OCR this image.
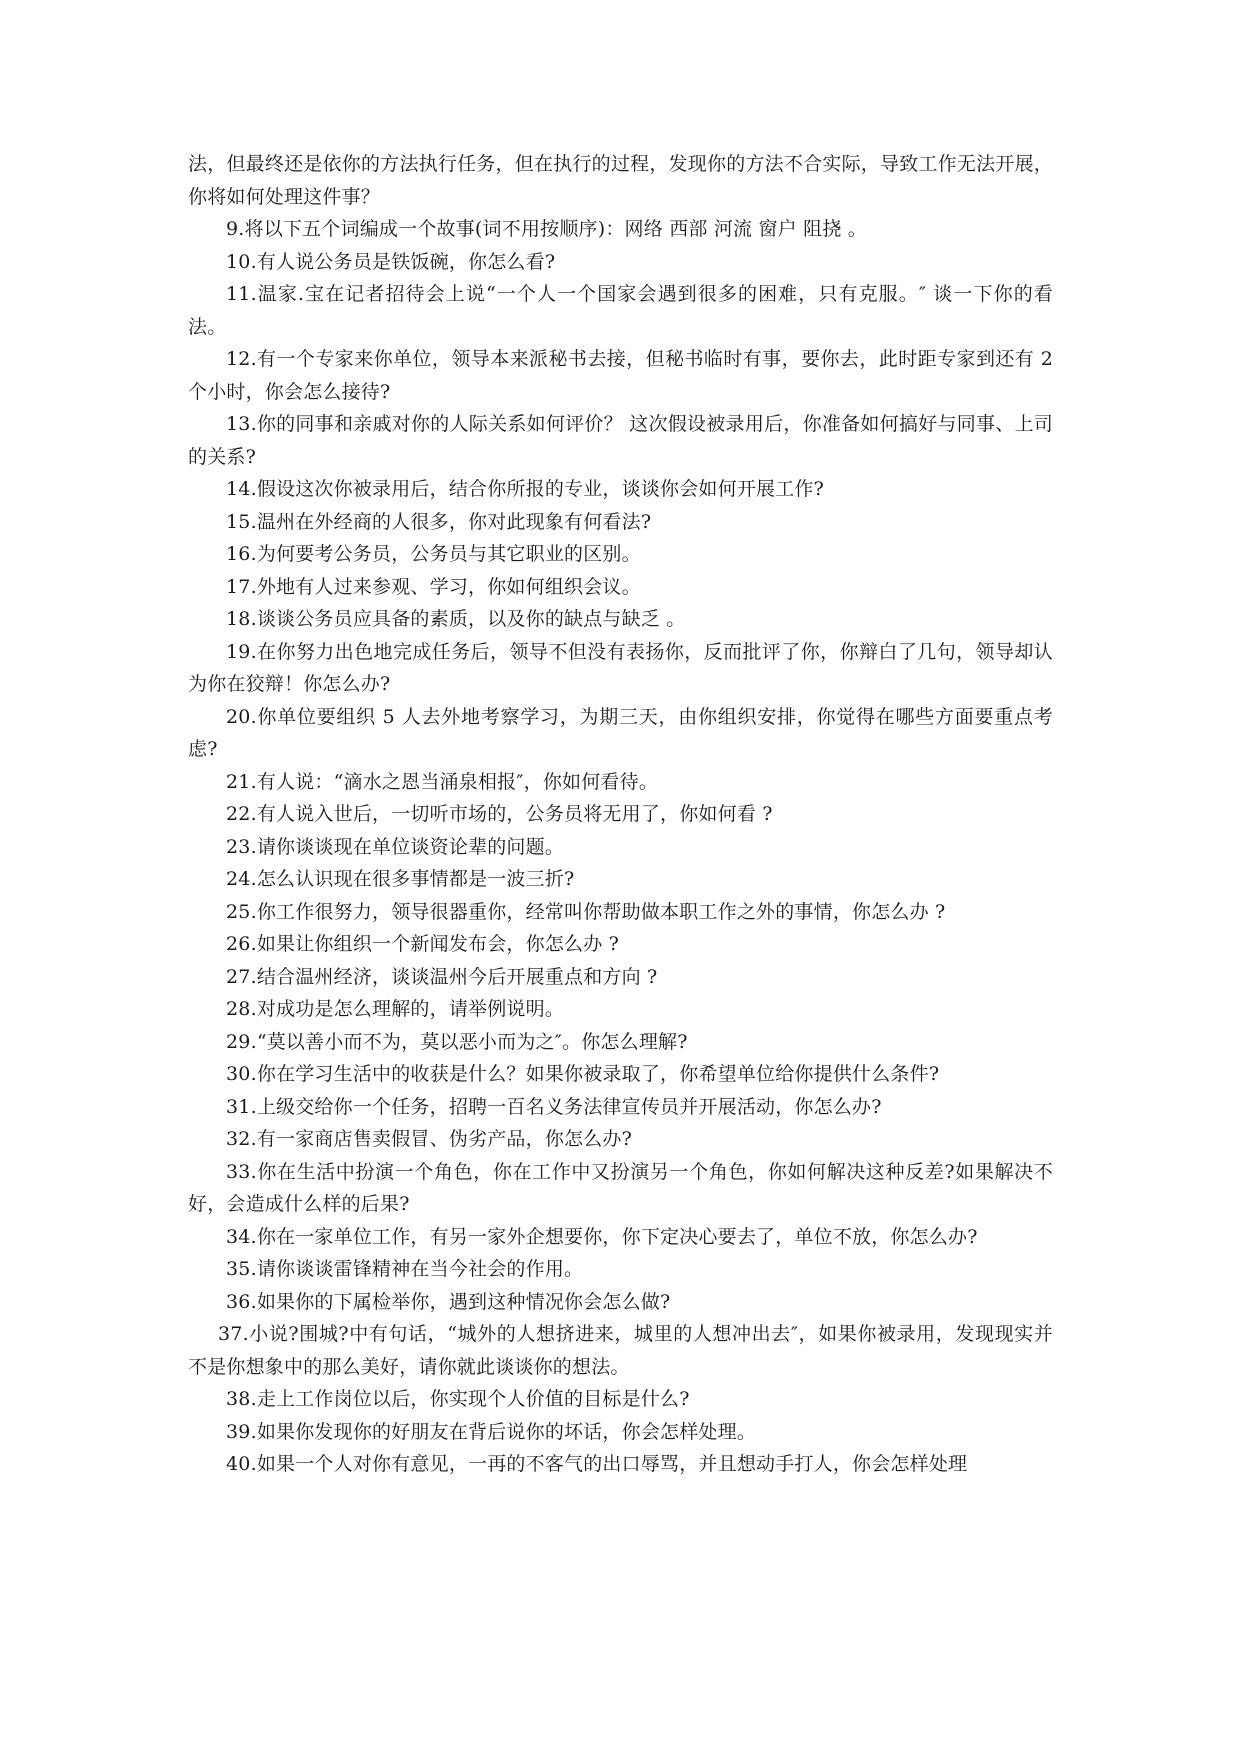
法，但最终还是依你的方法执行任务，但在执行的过程，发现你的方法不合实际，导致工作无法开展，你将如何处理这件事？

9.将以下五个词编成一个故事(词不用按顺序)：网络 西部 河流 窗户 阻挠 。

10.有人说公务员是铁饭碗，你怎么看?

11.温家.宝在记者招待会上说“一个人一个国家会遇到很多的困难，只有克服。″ 谈一下你的看法。

12.有一个专家来你单位，领导本来派秘书去接，但秘书临时有事，要你去，此时距专家到还有 2 个小时，你会怎么接待?

13.你的同事和亲戚对你的人际关系如何评价？ 这次假设被录用后，你准备如何搞好与同事、上司的关系?

14.假设这次你被录用后，结合你所报的专业，谈谈你会如何开展工作?

15.温州在外经商的人很多，你对此现象有何看法?

16.为何要考公务员，公务员与其它职业的区别。

17.外地有人过来参观、学习，你如何组织会议。

18.谈谈公务员应具备的素质，以及你的缺点与缺乏 。

19.在你努力出色地完成任务后，领导不但没有表扬你，反而批评了你，你辩白了几句，领导却认为你在狡辩！你怎么办?

20.你单位要组织 5 人去外地考察学习，为期三天，由你组织安排，你觉得在哪些方面要重点考虑?

21.有人说：“滴水之恩当涌泉相报″，你如何看待。

22.有人说入世后，一切听市场的，公务员将无用了，你如何看 ?

23.请你谈谈现在单位谈资论辈的问题。

24.怎么认识现在很多事情都是一波三折?

25.你工作很努力，领导很器重你，经常叫你帮助做本职工作之外的事情，你怎么办 ?

26.如果让你组织一个新闻发布会，你怎么办 ?

27.结合温州经济，谈谈温州今后开展重点和方向 ?

28.对成功是怎么理解的，请举例说明。

29.“莫以善小而不为，莫以恶小而为之″。你怎么理解?

30.你在学习生活中的收获是什么？如果你被录取了，你希望单位给你提供什么条件?

31.上级交给你一个任务，招聘一百名义务法律宣传员并开展活动，你怎么办?

32.有一家商店售卖假冒、伪劣产品，你怎么办?

33.你在生活中扮演一个角色，你在工作中又扮演另一个角色，你如何解决这种反差?如果解决不好，会造成什么样的后果?

34.你在一家单位工作，有另一家外企想要你，你下定决心要去了，单位不放，你怎么办?

35.请你谈谈雷锋精神在当今社会的作用。

36.如果你的下属检举你，遇到这种情况你会怎么做?

37.小说?围城?中有句话，“城外的人想挤进来，城里的人想冲出去″，如果你被录用，发现现实并不是你想象中的那么美好，请你就此谈谈你的想法。

38.走上工作岗位以后，你实现个人价值的目标是什么?

39.如果你发现你的好朋友在背后说你的坏话，你会怎样处理。

40.如果一个人对你有意见，一再的不客气的出口辱骂，并且想动手打人，你会怎样处理
